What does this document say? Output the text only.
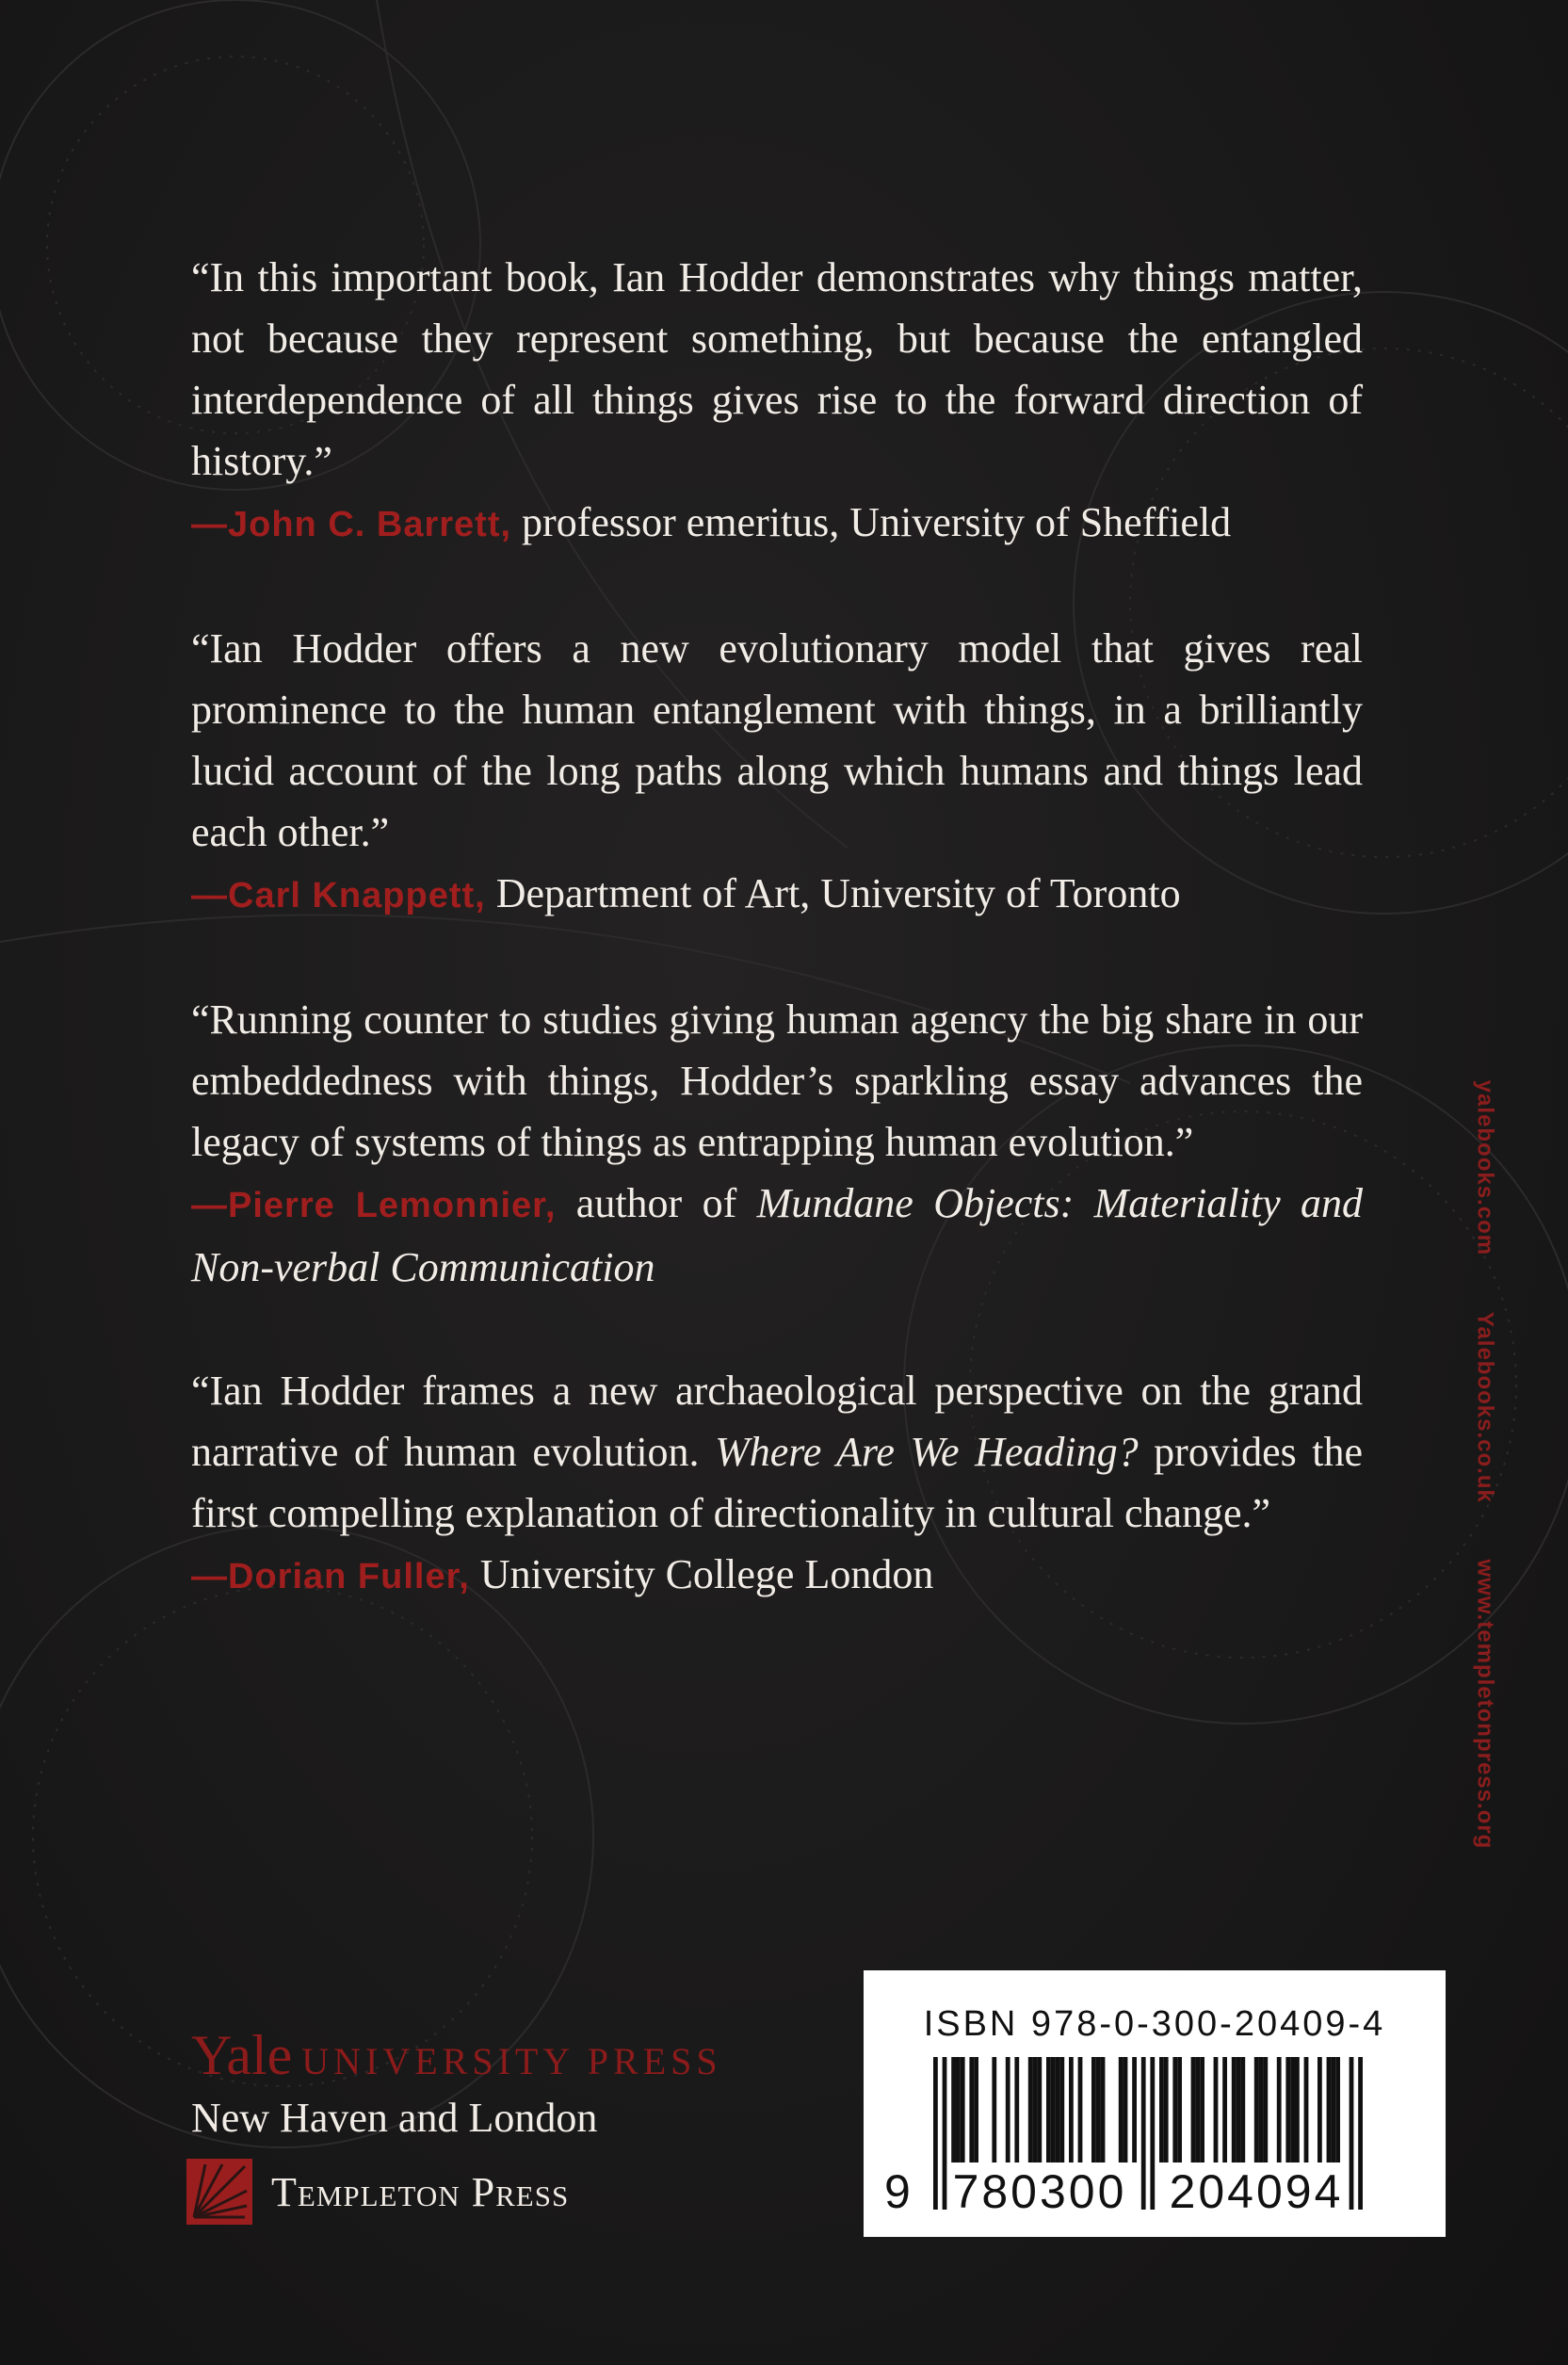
“In this important book, Ian Hodder demonstrates why things matter, not because they represent something, but because the entangled interdependence of all things gives rise to the forward direction of history.”

—John C. Barrett, professor emeritus, University of Sheffield

“Ian Hodder offers a new evolutionary model that gives real prominence to the human entanglement with things, in a brilliantly lucid account of the long paths along which humans and things lead each other.”

—Carl Knappett, Department of Art, University of Toronto

“Running counter to studies giving human agency the big share in our embeddedness with things, Hodder’s sparkling essay advances the legacy of systems of things as entrapping human evolution.”

—Pierre Lemonnier, author of Mundane Objects: Materiality and Non-verbal Communication

“Ian Hodder frames a new archaeological perspective on the grand narrative of human evolution. Where Are We Heading? provides the first compelling explanation of directionality in cultural change.”

—Dorian Fuller, University College London
yalebooks.com Yalebooks.co.uk www.templetonpress.org
Yale UNIVERSITY PRESS
New Haven and London
Templeton Press
ISBN 978-0-300-20409-4
9 780300 204094
